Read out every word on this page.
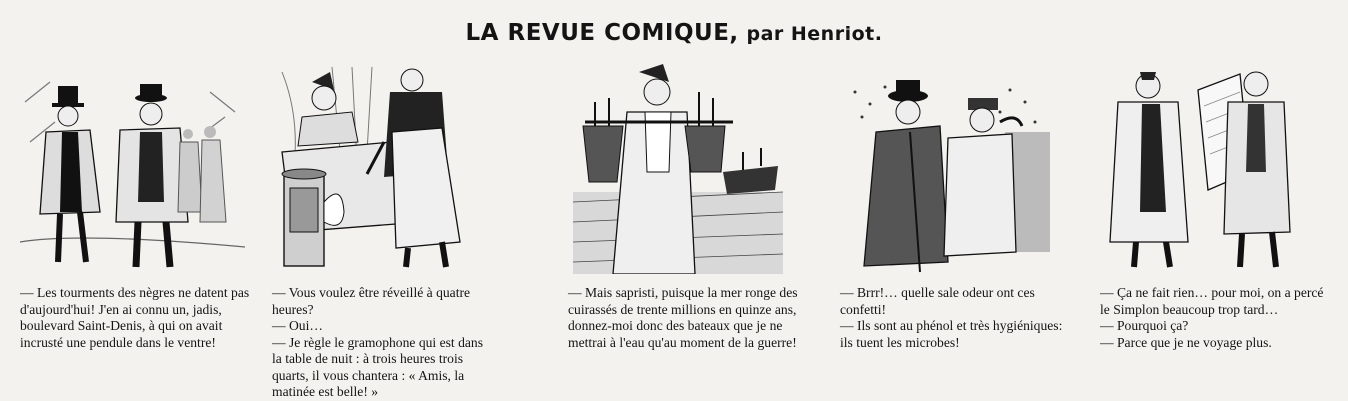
LA REVUE COMIQUE, par Henriot.

— Les tourments des nègres ne datent pas d'aujourd'hui! J'en ai connu un, jadis, boulevard Saint-Denis, à qui on avait incrusté une pendule dans le ventre!

— Vous voulez être réveillé à quatre heures?

— Oui…

— Je règle le gramophone qui est dans la table de nuit : à trois heures trois quarts, il vous chantera : « Amis, la matinée est belle! »

— Mais sapristi, puisque la mer ronge des cuirassés de trente millions en quinze ans, donnez-moi donc des bateaux que je ne mettrai à l'eau qu'au moment de la guerre!

— Brrr!… quelle sale odeur ont ces confetti!

— Ils sont au phénol et très hygiéniques: ils tuent les microbes!

— Ça ne fait rien… pour moi, on a percé le Simplon beaucoup trop tard…

— Pourquoi ça?

— Parce que je ne voyage plus.
